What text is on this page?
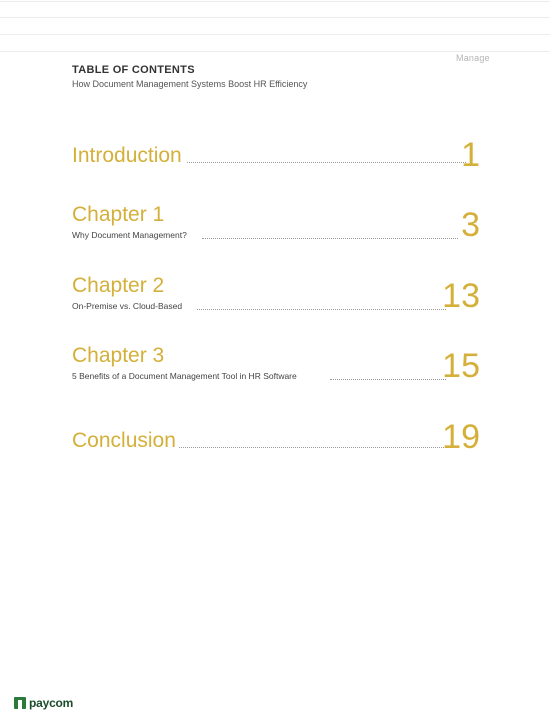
Manage
TABLE OF CONTENTS
How Document Management Systems Boost HR Efficiency
Introduction	1
Chapter 1
Why Document Management?	3
Chapter 2
On-Premise vs. Cloud-Based	13
Chapter 3
5 Benefits of a Document Management Tool in HR Software	15
Conclusion	19
paycom
